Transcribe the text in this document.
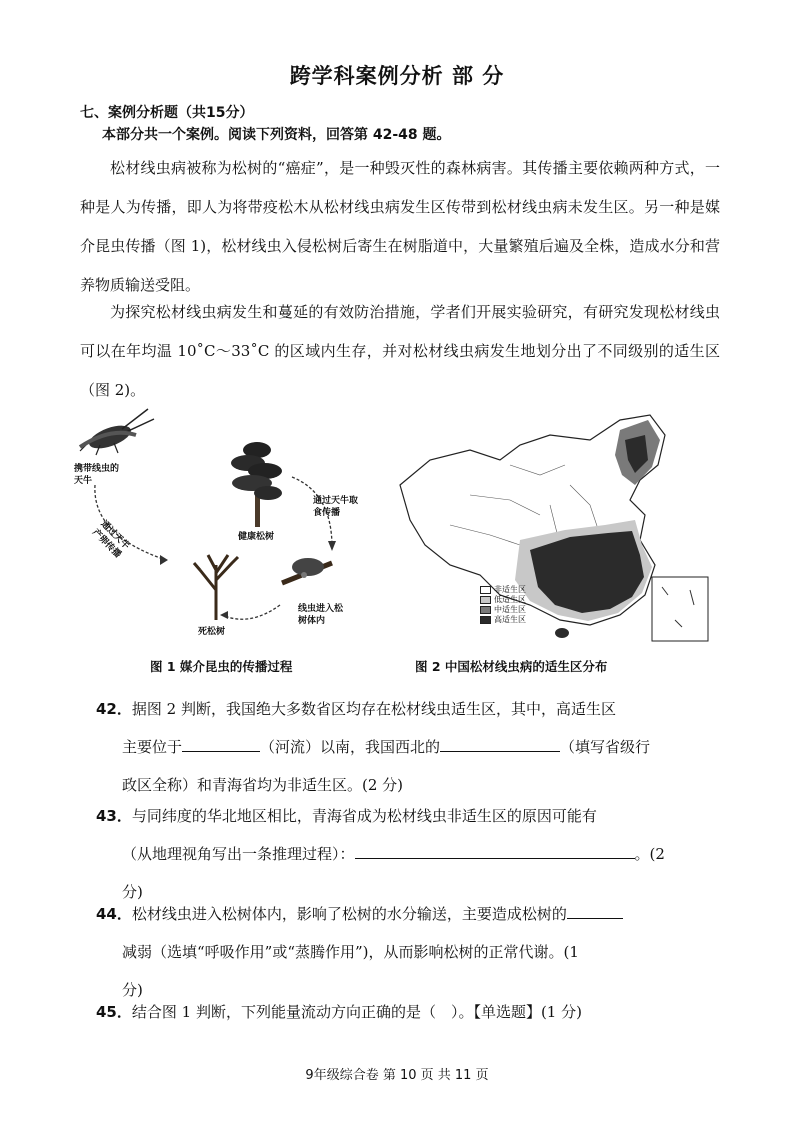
跨学科案例分析 部 分
七、案例分析题（共15分）
本部分共一个案例。阅读下列资料，回答第 42-48 题。
松材线虫病被称为松树的“癌症”，是一种毁灭性的森林病害。其传播主要依赖两种方式，一种是人为传播，即人为将带疫松木从松材线虫病发生区传带到松材线虫病未发生区。另一种是媒介昆虫传播（图 1)，松材线虫入侵松树后寄生在树脂道中，大量繁殖后遍及全株，造成水分和营养物质输送受阻。
为探究松材线虫病发生和蔓延的有效防治措施，学者们开展实验研究，有研究发现松材线虫可以在年均温 10˚C～33˚C 的区域内生存，并对松材线虫病发生地划分出了不同级别的适生区（图 2)。
携带线虫的天牛
健康松树
通过天牛取食传播
通过天牛产卵传播
死松树
线虫进入松树体内
非适生区
低适生区
中适生区
高适生区
图 1 媒介昆虫的传播过程	图 2 中国松材线虫病的适生区分布
42．据图 2 判断，我国绝大多数省区均存在松材线虫适生区，其中，高适生区
主要位于	（河流）以南，我国西北的	（填写省级行
政区全称）和青海省均为非适生区。(2 分)
43．与同纬度的华北地区相比，青海省成为松材线虫非适生区的原因可能有
（从地理视角写出一条推理过程）：	。(2
分)
44．松材线虫进入松树体内，影响了松树的水分输送，主要造成松树的
减弱（选填“呼吸作用”或“蒸腾作用”)，从而影响松树的正常代谢。(1
分)
45．结合图 1 判断，下列能量流动方向正确的是（　）。【单选题】(1 分)
9年级综合卷 第 10 页 共 11 页
